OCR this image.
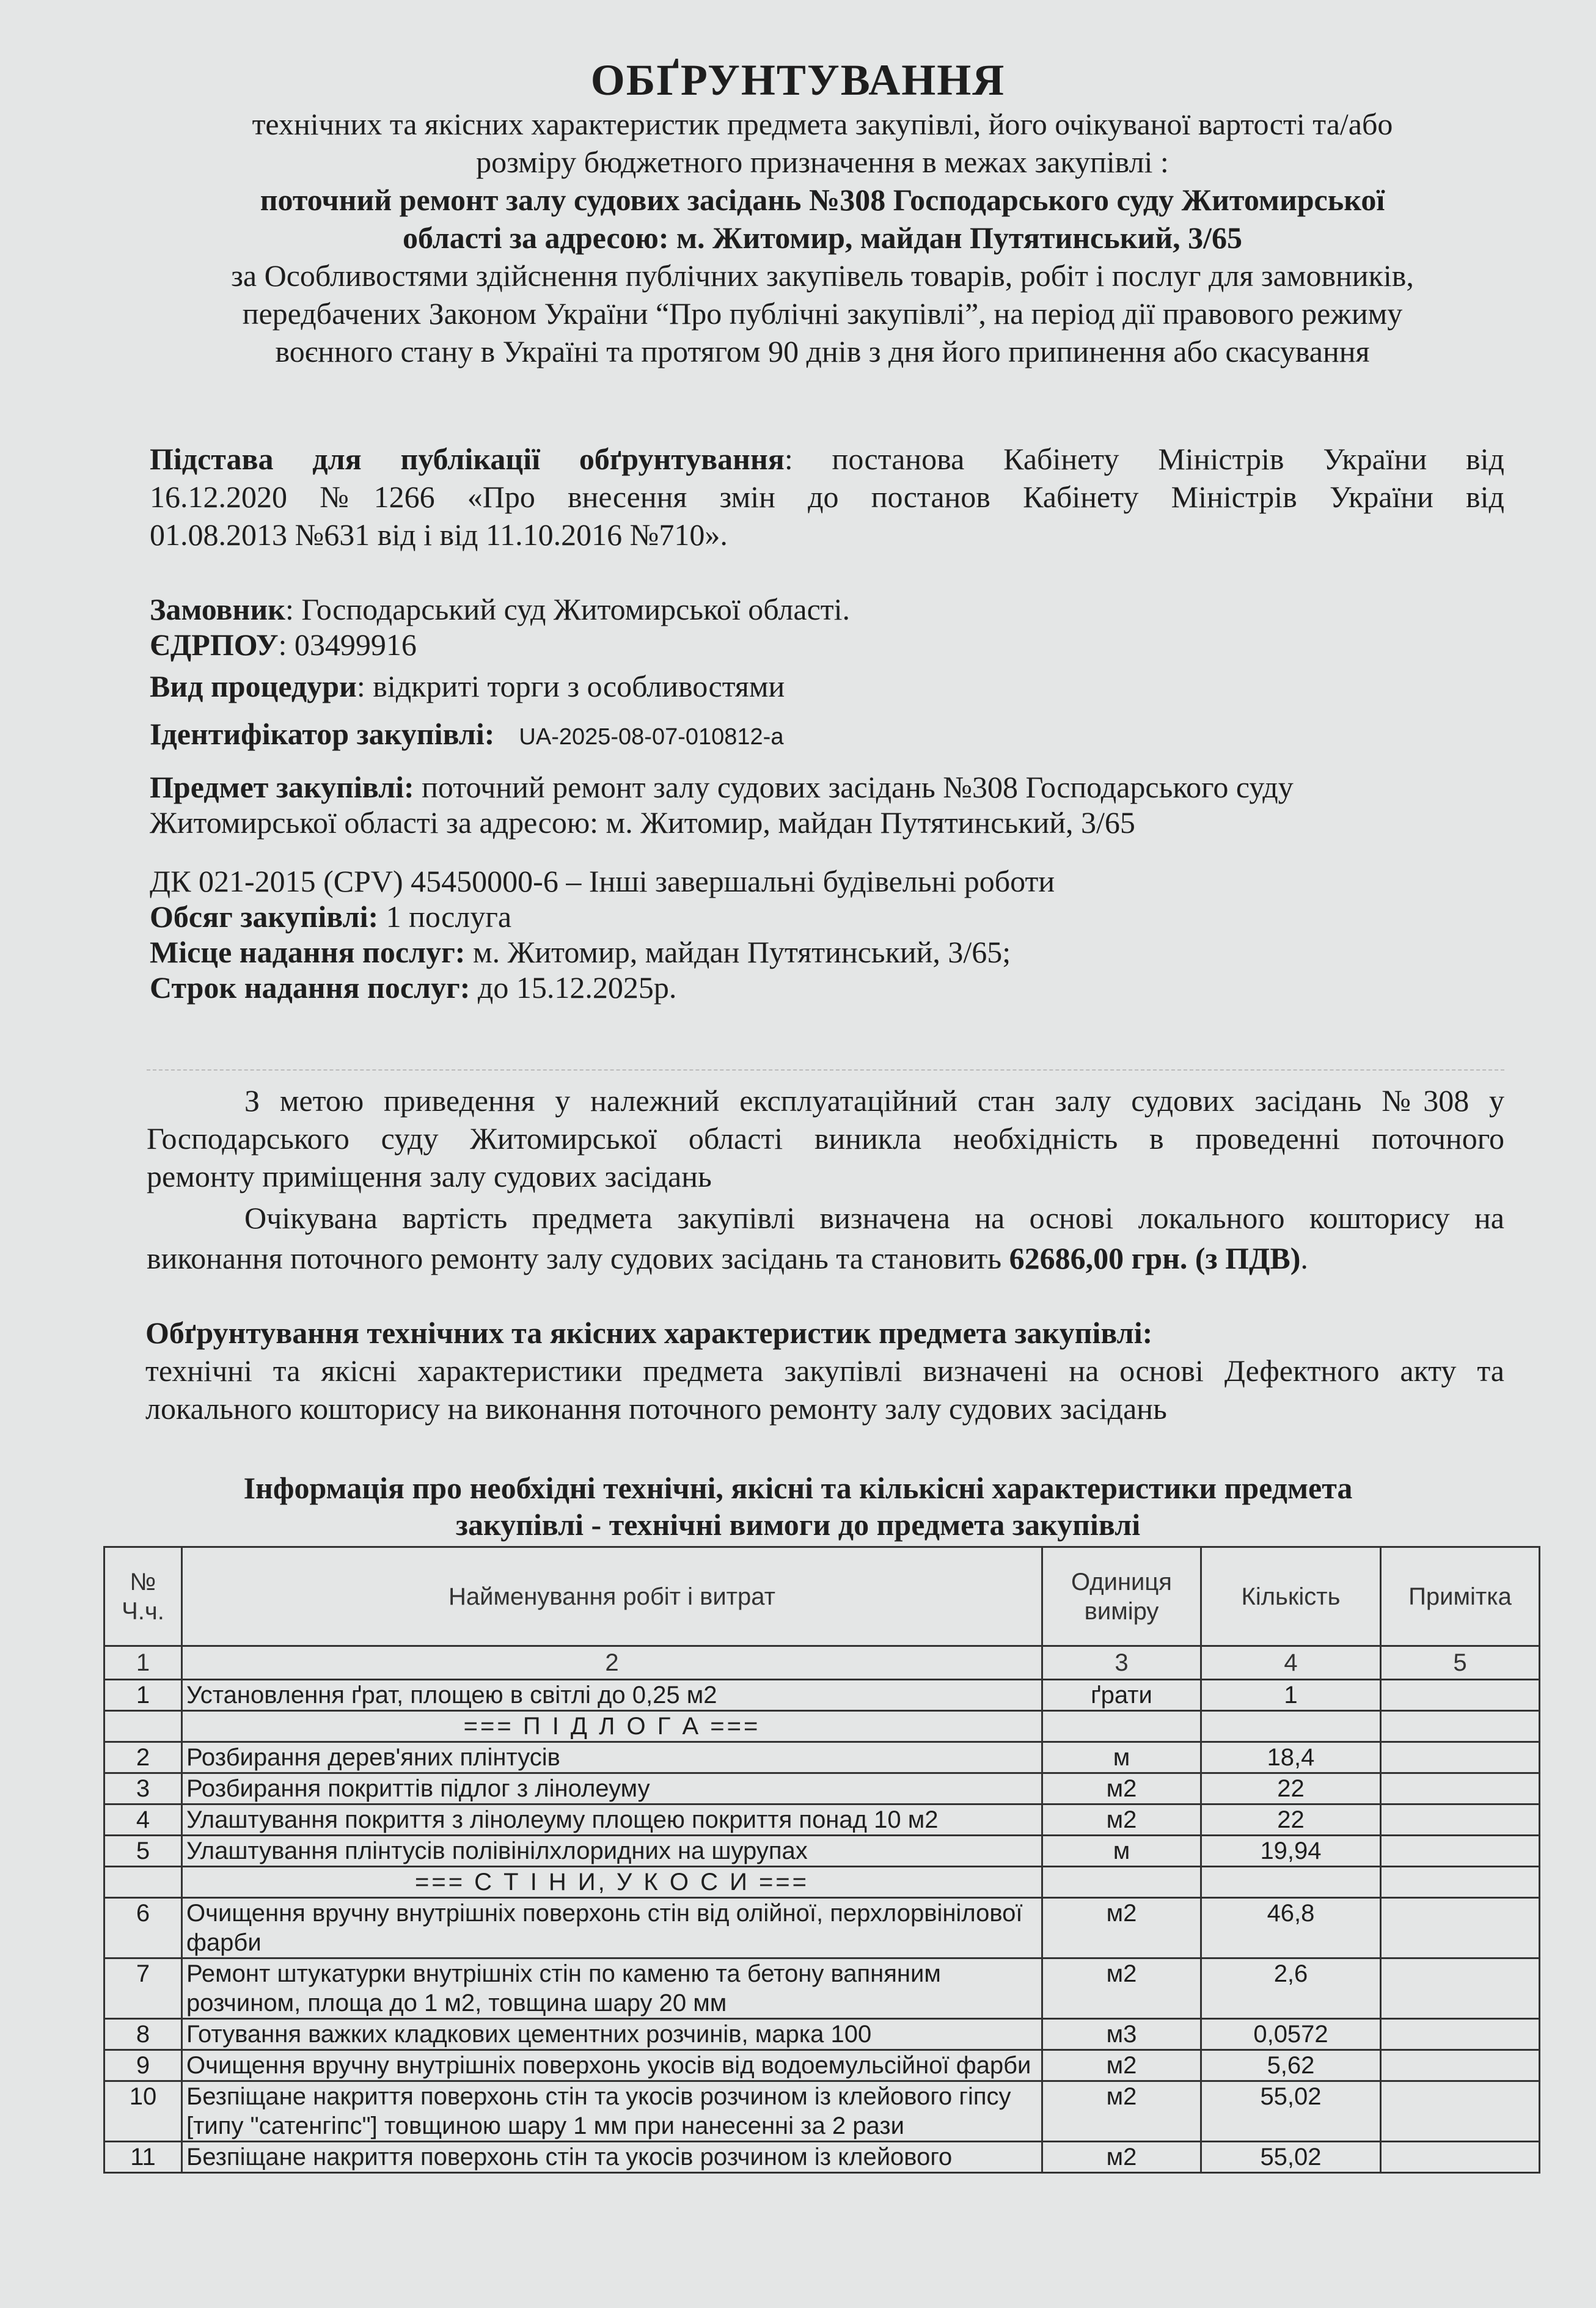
ОБҐРУНТУВАННЯ
технічних та якісних характеристик предмета закупівлі, його очікуваної вартості та/або
розміру бюджетного призначення в межах закупівлі :
поточний ремонт залу судових засідань №308 Господарського суду Житомирської
області за адресою: м. Житомир, майдан Путятинський, 3/65
за Особливостями здійснення публічних закупівель товарів, робіт і послуг для замовників,
передбачених Законом України “Про публічні закупівлі”, на період дії правового режиму
воєнного стану в Україні та протягом 90 днів з дня його припинення або скасування
Підстава для публікації обґрунтування: постанова Кабінету Міністрів України від
16.12.2020 №1266 «Про внесення змін до постанов Кабінету Міністрів України від
01.08.2013 №631 від і від 11.10.2016 №710».
Замовник: Господарський суд Житомирської області.
ЄДРПОУ: 03499916
Вид процедури: відкриті торги з особливостями
Ідентифікатор закупівлі: UA-2025-08-07-010812-a
Предмет закупівлі: поточний ремонт залу судових засідань №308 Господарського суду
Житомирської області за адресою: м. Житомир, майдан Путятинський, 3/65
ДК 021-2015 (CPV) 45450000-6 – Інші завершальні будівельні роботи
Обсяг закупівлі: 1 послуга
Місце надання послуг: м. Житомир, майдан Путятинський, 3/65;
Строк надання послуг: до 15.12.2025р.
З метою приведення у належний експлуатаційний стан залу судових засідань №308 у
Господарського суду Житомирської області виникла необхідність в проведенні поточного
ремонту приміщення залу судових засідань
Очікувана вартість предмета закупівлі визначена на основі локального кошторису на
виконання поточного ремонту залу судових засідань та становить 62686,00 грн. (з ПДВ).
Обґрунтування технічних та якісних характеристик предмета закупівлі:
технічні та якісні характеристики предмета закупівлі визначені на основі Дефектного акту та
локального кошторису на виконання поточного ремонту залу судових засідань
Інформація про необхідні технічні, якісні та кількісні характеристики предмета
закупівлі - технічні вимоги до предмета закупівлі
№ Ч.ч.	Найменування робіт і витрат	Одиниця виміру	Кількість	Примітка
1	2	3	4	5
1	Установлення ґрат, площею в світлі до 0,25 м2	ґрати	1	
	=== П І Д Л О Г А ===			
2	Розбирання дерев'яних плінтусів	м	18,4	
3	Розбирання покриттів підлог з лінолеуму	м2	22	
4	Улаштування покриття з лінолеуму площею покриття понад 10 м2	м2	22	
5	Улаштування плінтусів полівінілхлоридних на шурупах	м	19,94	
	=== С Т І Н И, У К О С И ===			
6	Очищення вручну внутрішніх поверхонь стін від олійної, перхлорвінілової фарби	м2	46,8	
7	Ремонт штукатурки внутрішніх стін по каменю та бетону вапняним розчином, площа до 1 м2, товщина шару 20 мм	м2	2,6	
8	Готування важких кладкових цементних розчинів, марка 100	м3	0,0572	
9	Очищення вручну внутрішніх поверхонь укосів від водоемульсійної фарби	м2	5,62	
10	Безпіщане накриття поверхонь стін та укосів розчином із клейового гіпсу [типу "сатенгіпс"] товщиною шару 1 мм при нанесенні за 2 рази	м2	55,02	
11	Безпіщане накриття поверхонь стін та укосів розчином із клейового	м2	55,02	
